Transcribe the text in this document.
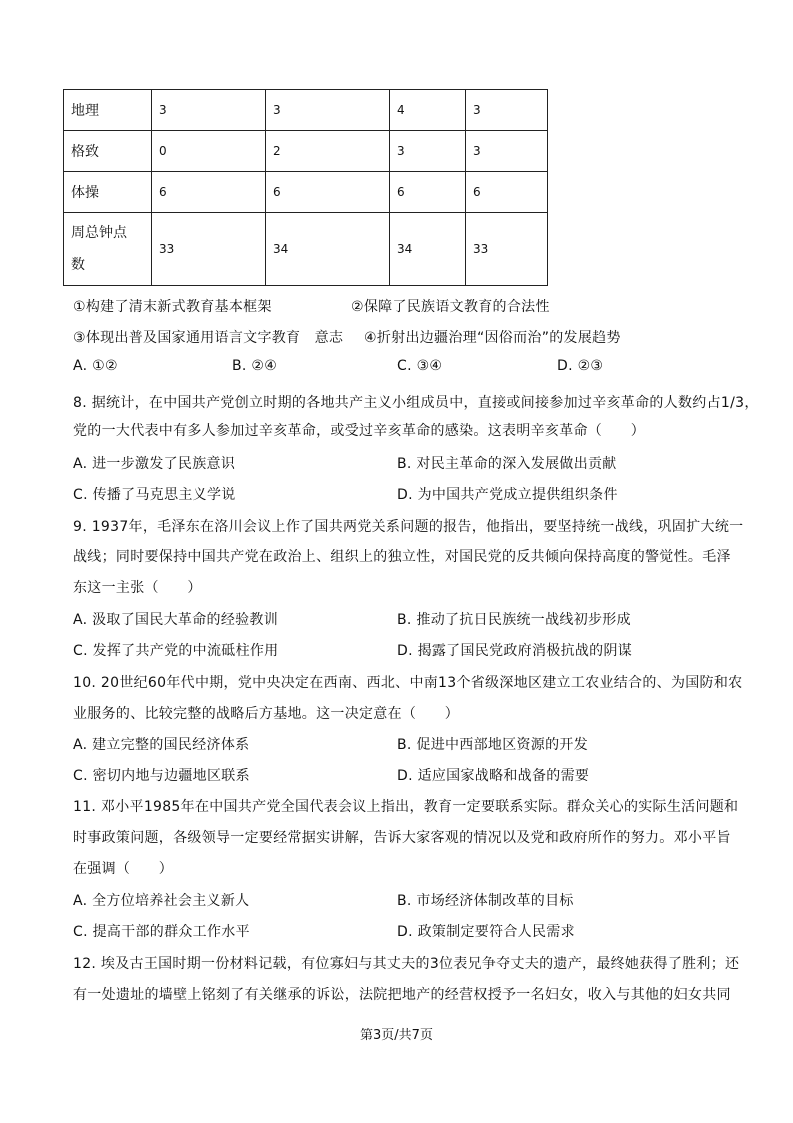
地理	3	3	4	3
格致	0	2	3	3
体操	6	6	6	6

周总钟点
数	33	34	34	33
①构建了清末新式教育基本框架	②保障了民族语文教育的合法性
③体现出普及国家通用语言文字教育　意志 ④折射出边疆治理“因俗而治”的发展趋势
A. ①②	B. ②④	C. ③④	D. ②③
8. 据统计，在中国共产党创立时期的各地共产主义小组成员中，直接或间接参加过辛亥革命的人数约占1/3，
党的一大代表中有多人参加过辛亥革命，或受过辛亥革命的感染。这表明辛亥革命（　　）
A. 进一步激发了民族意识	B. 对民主革命的深入发展做出贡献
C. 传播了马克思主义学说	D. 为中国共产党成立提供组织条件
9. 1937年，毛泽东在洛川会议上作了国共两党关系问题的报告，他指出，要坚持统一战线，巩固扩大统一
战线；同时要保持中国共产党在政治上、组织上的独立性，对国民党的反共倾向保持高度的警觉性。毛泽
东这一主张（　　）
A. 汲取了国民大革命的经验教训	B. 推动了抗日民族统一战线初步形成
C. 发挥了共产党的中流砥柱作用	D. 揭露了国民党政府消极抗战的阴谋
10. 20世纪60年代中期，党中央决定在西南、西北、中南13个省级深地区建立工农业结合的、为国防和农
业服务的、比较完整的战略后方基地。这一决定意在（　　）
A. 建立完整的国民经济体系	B. 促进中西部地区资源的开发
C. 密切内地与边疆地区联系	D. 适应国家战略和战备的需要
11. 邓小平1985年在中国共产党全国代表会议上指出，教育一定要联系实际。群众关心的实际生活问题和
时事政策问题，各级领导一定要经常据实讲解，告诉大家客观的情况以及党和政府所作的努力。邓小平旨
在强调（　　）
A. 全方位培养社会主义新人	B. 市场经济体制改革的目标
C. 提高干部的群众工作水平	D. 政策制定要符合人民需求
12. 埃及古王国时期一份材料记载，有位寡妇与其丈夫的3位表兄争夺丈夫的遗产，最终她获得了胜利；还
有一处遗址的墙壁上铭刻了有关继承的诉讼，法院把地产的经营权授予一名妇女，收入与其他的妇女共同
第3页/共7页
